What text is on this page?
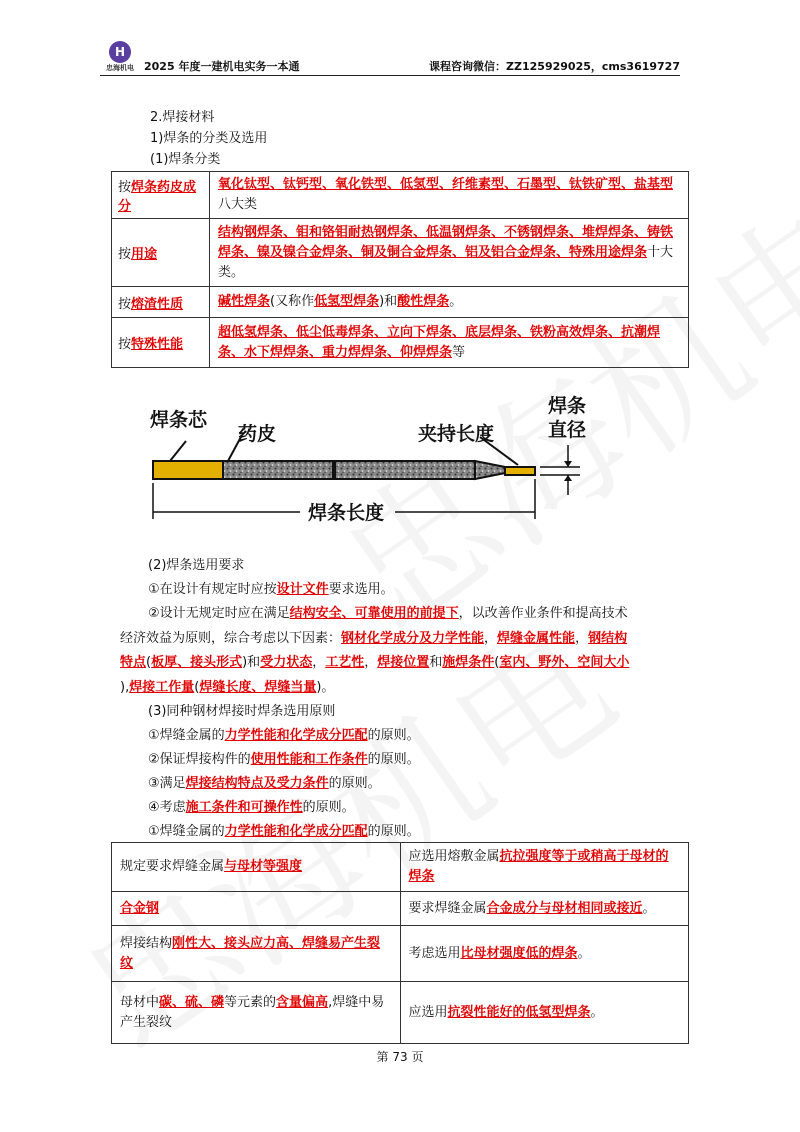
H
忠海机电 2025 年度一建机电实务一本通	课程咨询微信：ZZ125929025，cms3619727
2.焊接材料
1)焊条的分类及选用
(1)焊条分类
按焊条药皮成分	氧化钛型、钛钙型、氧化铁型、低氢型、纤维素型、石墨型、钛铁矿型、盐基型八大类
按用途	结构钢焊条、钼和铬钼耐热钢焊条、低温钢焊条、不锈钢焊条、堆焊焊条、铸铁焊条、镍及镍合金焊条、铜及铜合金焊条、铝及铝合金焊条、特殊用途焊条十大类。
按熔渣性质	碱性焊条(又称作低氢型焊条)和酸性焊条。
按特殊性能	超低氢焊条、低尘低毒焊条、立向下焊条、底层焊条、铁粉高效焊条、抗潮焊条、水下焊焊条、重力焊焊条、仰焊焊条等
焊条芯
药皮	夹持长度
焊条
直径
焊条长度
(2)焊条选用要求
①在设计有规定时应按设计文件要求选用。
②设计无规定时应在满足结构安全、可靠使用的前提下，以改善作业条件和提高技术
经济效益为原则，综合考虑以下因素：钢材化学成分及力学性能，焊缝金属性能，钢结构
特点(板厚、接头形式)和受力状态，工艺性，焊接位置和施焊条件(室内、野外、空间大小
),焊接工作量(焊缝长度、焊缝当量)。
(3)同种钢材焊接时焊条选用原则
①焊缝金属的力学性能和化学成分匹配的原则。
②保证焊接构件的使用性能和工作条件的原则。
③满足焊接结构特点及受力条件的原则。
④考虑施工条件和可操作性的原则。
①焊缝金属的力学性能和化学成分匹配的原则。
规定要求焊缝金属与母材等强度	应选用熔敷金属抗拉强度等于或稍高于母材的焊条
合金钢	要求焊缝金属合金成分与母材相同或接近。
焊接结构刚性大、接头应力高、焊缝易产生裂纹	考虑选用比母材强度低的焊条。
母材中碳、硫、磷等元素的含量偏高,焊缝中易产生裂纹	应选用抗裂性能好的低氢型焊条。
第 73 页
